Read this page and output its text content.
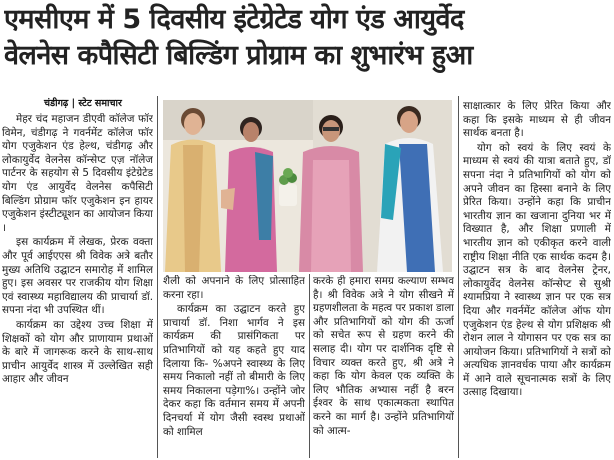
एमसीएम में 5 दिवसीय इंटेग्रेटेड योग एंड आयुर्वेद
वेलनेस कपैसिटी बिल्डिंग प्रोग्राम का शुभारंभ हुआ
चंडीगढ़ | स्टेट समाचार

मेहर चंद महाजन डीएवी कॉलेज फॉर विमेन, चंडीगढ़ ने गवर्नमेंट कॉलेज फॉर योग एजुकेशन एंड हेल्थ, चंडीगढ़ और लोकायुर्वेद वेलनेस कॉन्सेप्ट एज़ नॉलेज पार्टनर के सहयोग से 5 दिवसीय इंटेग्रेटेड योग एंड आयुर्वेद वेलनेस कपैसिटी बिल्डिंग प्रोग्राम फॉर एजुकेशन इन हायर एजुकेशन इंस्टीट्यूशन का आयोजन किया ।

इस कार्यक्रम में लेखक, प्रेरक वक्ता और पूर्व आईएएस श्री विवेक अत्रे बतौर मुख्य अतिथि उद्घाटन समारोह में शामिल हुए। इस अवसर पर राजकीय योग शिक्षा एवं स्वास्थ्य महाविद्यालय की प्राचार्या डॉ. सपना नंदा भी उपस्थित थीं।

कार्यक्रम का उद्देश्य उच्च शिक्षा में शिक्षकों को योग और प्राणायाम प्रथाओं के बारे में जागरूक करने के साथ-साथ प्राचीन आयुर्वेद शास्त्र में उल्लेखित सही आहार और जीवन

शैली को अपनाने के लिए प्रोत्साहित करना रहा।

कार्यक्रम का उद्घाटन करते हुए प्राचार्या डॉ. निशा भार्गव ने इस कार्यक्रम की प्रासंगिकता पर प्रतिभागियों को यह कहते हुए याद दिलाया कि- %अपने स्वास्थ्य के लिए समय निकालो नहीं तो बीमारी के लिए समय निकालना पड़ेगा%। उन्होंने जोर देकर कहा कि वर्तमान समय में अपनी दिनचर्या में योग जैसी स्वस्थ प्रथाओं को शामिल

करके ही हमारा समग्र कल्याण सम्भव है। श्री विवेक अत्रे ने योग सीखने में ग्रहणशीलता के महत्व पर प्रकाश डाला और प्रतिभागियों को योग की ऊर्जा को सचेत रूप से ग्रहण करने की सलाह दी। योग पर दार्शनिक दृष्टि से विचार व्यक्त करते हुए, श्री अत्रे ने कहा कि योग केवल एक व्यक्ति के लिए भौतिक अभ्यास नहीं है बरन ईश्वर के साथ एकात्मकता स्थापित करने का मार्ग है। उन्होंने प्रतिभागियों को आत्म-

साक्षात्कार के लिए प्रेरित किया और कहा कि इसके माध्यम से ही जीवन सार्थक बनता है।

योग को स्वयं के लिए स्वयं के माध्यम से स्वयं की यात्रा बताते हुए, डॉ सपना नंदा ने प्रतिभागियों को योग को अपने जीवन का हिस्सा बनाने के लिए प्रेरित किया। उन्होंने कहा कि प्राचीन भारतीय ज्ञान का खजाना दुनिया भर में विख्यात है, और शिक्षा प्रणाली में भारतीय ज्ञान को एकीकृत करने वाली राष्ट्रीय शिक्षा नीति एक सार्थक कदम है। उद्घाटन सत्र के बाद वेलनेस ट्रेनर, लोकायुर्वेद वेलनेस कॉन्सेप्ट से सुश्री श्यामप्रिया ने स्वास्थ्य ज्ञान पर एक सत्र दिया और गवर्नमेंट कॉलेज ऑफ योग एजुकेशन एंड हेल्थ से योग प्रशिक्षक श्री रोशन लाल ने योगासन पर एक सत्र का आयोजन किया। प्रतिभागियों ने सत्रों को अत्यधिक ज्ञानवर्धक पाया और कार्यक्रम में आने वाले सूचनात्मक सत्रों के लिए उत्साह दिखाया।
